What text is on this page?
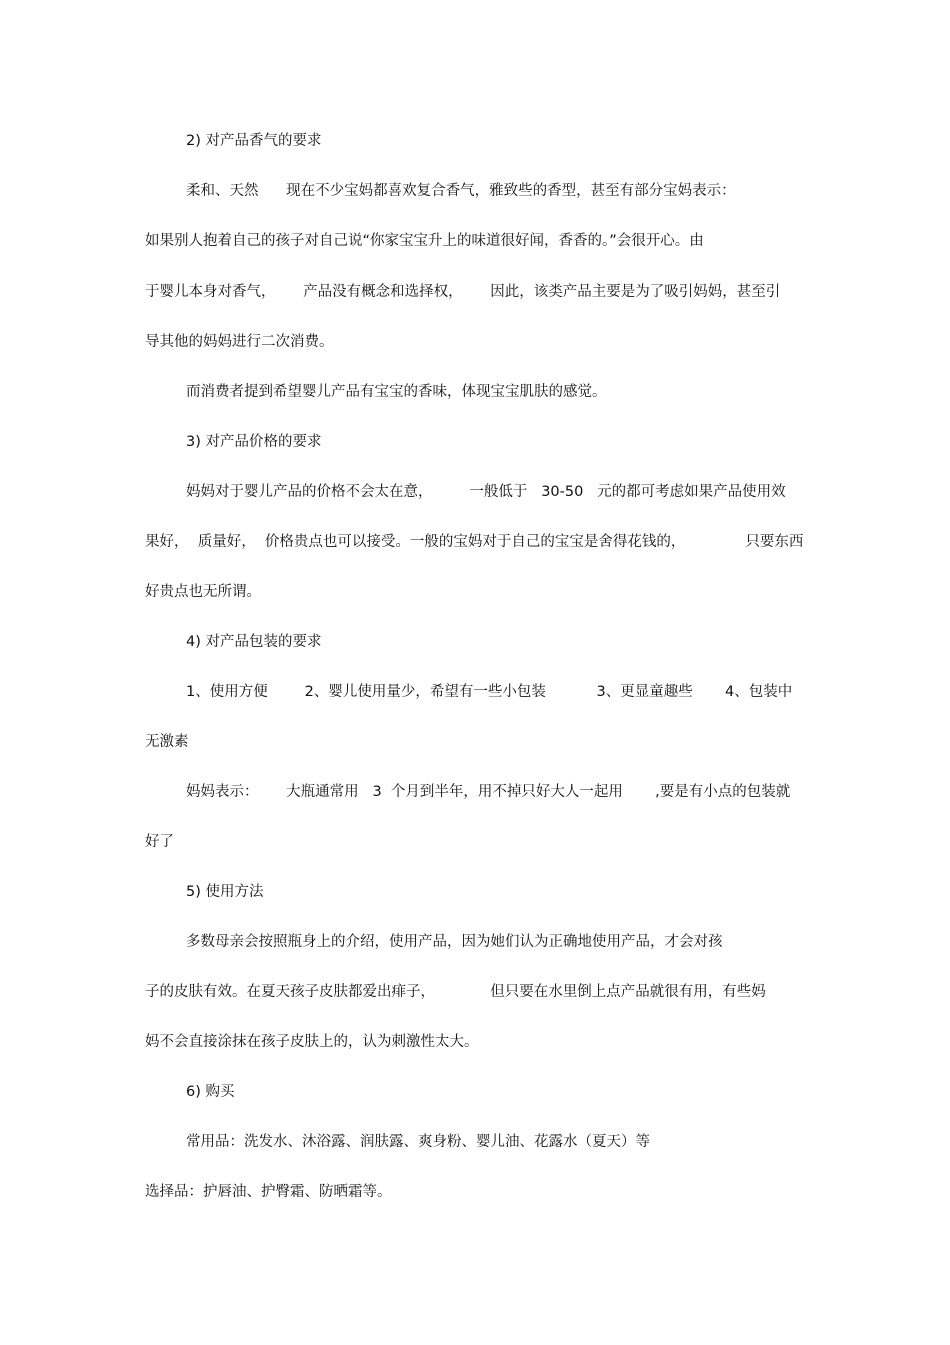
2) 对产品香气的要求
柔和、天然      现在不少宝妈都喜欢复合香气，雅致些的香型，甚至有部分宝妈表示：
如果别人抱着自己的孩子对自己说“你家宝宝升上的味道很好闻，香香的。”会很开心。由
于婴儿本身对香气，      产品没有概念和选择权，      因此，该类产品主要是为了吸引妈妈，甚至引
导其他的妈妈进行二次消费。
而消费者提到希望婴儿产品有宝宝的香味，体现宝宝肌肤的感觉。
3) 对产品价格的要求
妈妈对于婴儿产品的价格不会太在意，        一般低于   30-50   元的都可考虑如果产品使用效
果好，  质量好，  价格贵点也可以接受。一般的宝妈对于自己的宝宝是舍得花钱的，             只要东西
好贵点也无所谓。
4) 对产品包装的要求
1、使用方便        2、婴儿使用量少，希望有一些小包装           3、更显童趣些       4、包装中
无激素
妈妈表示：      大瓶通常用   3  个月到半年，用不掉只好大人一起用       ,要是有小点的包装就
好了
5) 使用方法
多数母亲会按照瓶身上的介绍，使用产品，因为她们认为正确地使用产品，才会对孩
子的皮肤有效。在夏天孩子皮肤都爱出痱子，            但只要在水里倒上点产品就很有用，有些妈
妈不会直接涂抹在孩子皮肤上的，认为刺激性太大。
6) 购买
常用品：洗发水、沐浴露、润肤露、爽身粉、婴儿油、花露水（夏天）等
选择品：护唇油、护臀霜、防晒霜等。
